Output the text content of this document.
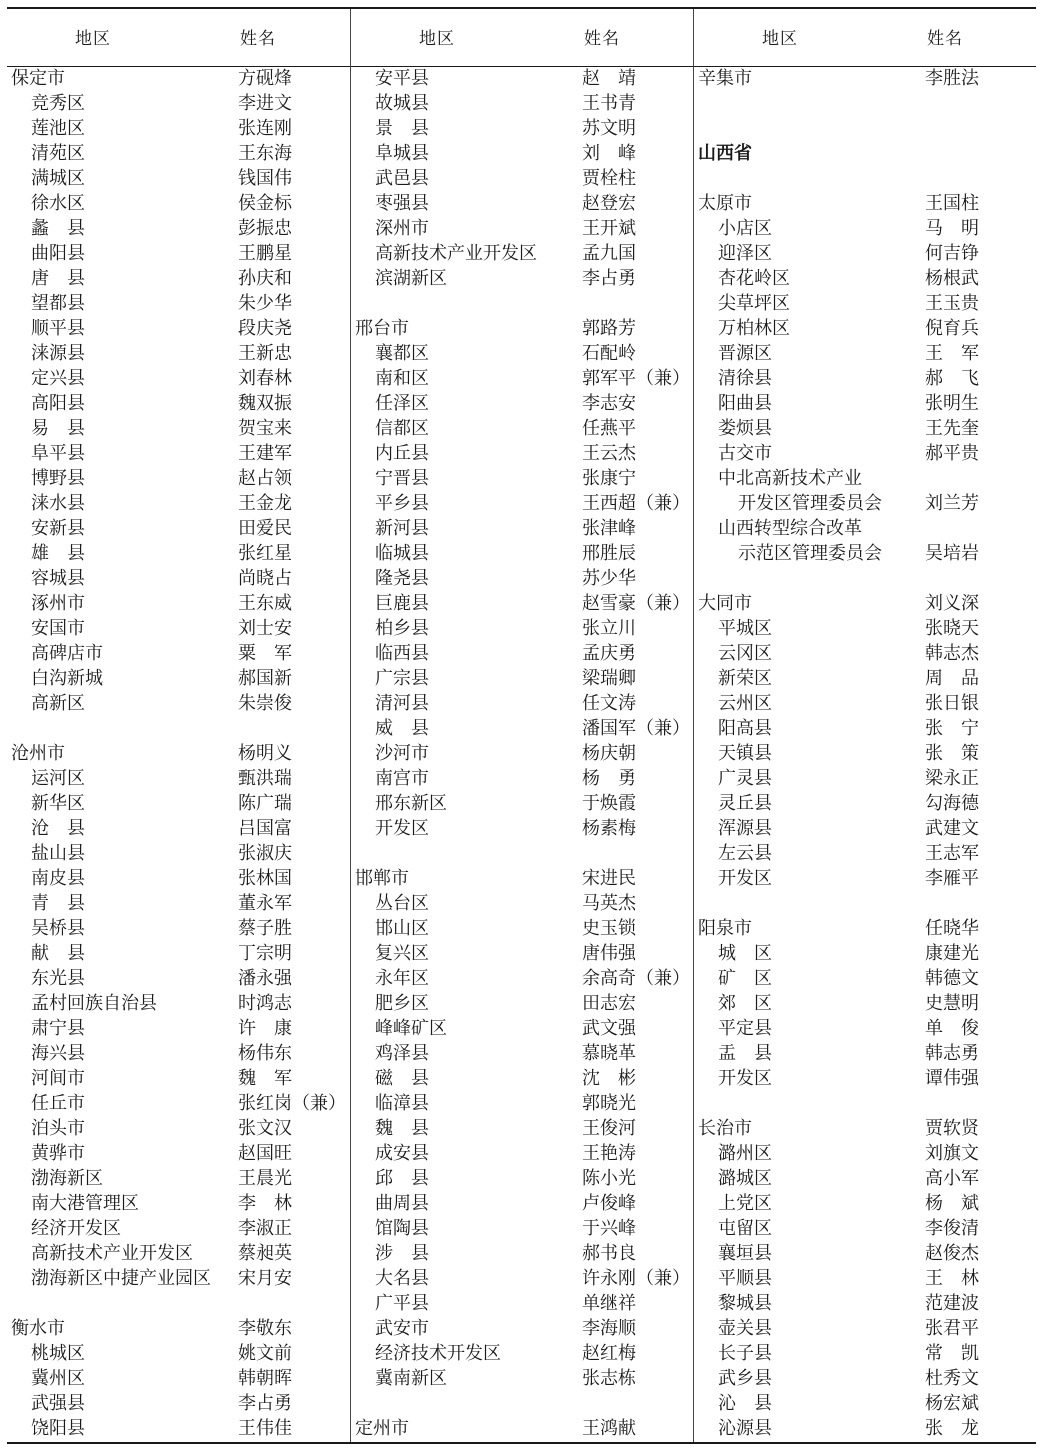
地区	姓名
保定市	方砚烽
竞秀区	李进文
莲池区	张连刚
清苑区	王东海
满城区	钱国伟
徐水区	侯金标
蠡　县	彭振忠
曲阳县	王鹏星
唐　县	孙庆和
望都县	朱少华
顺平县	段庆尧
涞源县	王新忠
定兴县	刘春林
高阳县	魏双振
易　县	贺宝来
阜平县	王建军
博野县	赵占领
涞水县	王金龙
安新县	田爱民
雄　县	张红星
容城县	尚晓占
涿州市	王东威
安国市	刘士安
高碑店市	粟　军
白沟新城	郝国新
高新区	朱崇俊
沧州市	杨明义
运河区	甄洪瑞
新华区	陈广瑞
沧　县	吕国富
盐山县	张淑庆
南皮县	张林国
青　县	董永军
吴桥县	蔡子胜
献　县	丁宗明
东光县	潘永强
孟村回族自治县	时鸿志
肃宁县	许　康
海兴县	杨伟东
河间市	魏　军
任丘市	张红岗（兼）
泊头市	张文汉
黄骅市	赵国旺
渤海新区	王晨光
南大港管理区	李　林
经济开发区	李淑正
高新技术产业开发区	蔡昶英
渤海新区中捷产业园区 宋月安
衡水市	李敬东
桃城区	姚文前
冀州区	韩朝晖
武强县	李占勇
饶阳县	王伟佳
地区	姓名
安平县	赵　靖
故城县	王书青
景　县	苏文明
阜城县	刘　峰
武邑县	贾栓柱
枣强县	赵登宏
深州市	王开斌
高新技术产业开发区	孟九国
滨湖新区	李占勇
邢台市	郭路芳
襄都区	石配岭
南和区	郭军平（兼）
任泽区	李志安
信都区	任燕平
内丘县	王云杰
宁晋县	张康宁
平乡县	王西超（兼）
新河县	张津峰
临城县	邢胜辰
隆尧县	苏少华
巨鹿县	赵雪豪（兼）
柏乡县	张立川
临西县	孟庆勇
广宗县	梁瑞卿
清河县	任文涛
威　县	潘国军（兼）
沙河市	杨庆朝
南宫市	杨　勇
邢东新区	于焕霞
开发区	杨素梅
邯郸市	宋进民
丛台区	马英杰
邯山区	史玉锁
复兴区	唐伟强
永年区	余高奇（兼）
肥乡区	田志宏
峰峰矿区	武文强
鸡泽县	慕晓革
磁　县	沈　彬
临漳县	郭晓光
魏　县	王俊河
成安县	王艳涛
邱　县	陈小光
曲周县	卢俊峰
馆陶县	于兴峰
涉　县	郝书良
大名县	许永刚（兼）
广平县	单继祥
武安市	李海顺
经济技术开发区	赵红梅
冀南新区	张志栋
定州市	王鸿献
地区	姓名
辛集市	李胜法
山西省
太原市	王国柱
小店区	马　明
迎泽区	何吉铮
杏花岭区	杨根武
尖草坪区	王玉贵
万柏林区	倪育兵
晋源区	王　军
清徐县	郝　飞
阳曲县	张明生
娄烦县	王先奎
古交市	郝平贵
中北高新技术产业
开发区管理委员会 刘兰芳
山西转型综合改革
示范区管理委员会 吴培岩
大同市	刘义深
平城区	张晓天
云冈区	韩志杰
新荣区	周　品
云州区	张日银
阳高县	张　宁
天镇县	张　策
广灵县	梁永正
灵丘县	勾海德
浑源县	武建文
左云县	王志军
开发区	李雁平
阳泉市	任晓华
城　区	康建光
矿　区	韩德文
郊　区	史慧明
平定县	单　俊
盂　县	韩志勇
开发区	谭伟强
长治市	贾软贤
潞州区	刘旗文
潞城区	高小军
上党区	杨　斌
屯留区	李俊清
襄垣县	赵俊杰
平顺县	王　林
黎城县	范建波
壶关县	张君平
长子县	常　凯
武乡县	杜秀文
沁　县	杨宏斌
沁源县	张　龙
